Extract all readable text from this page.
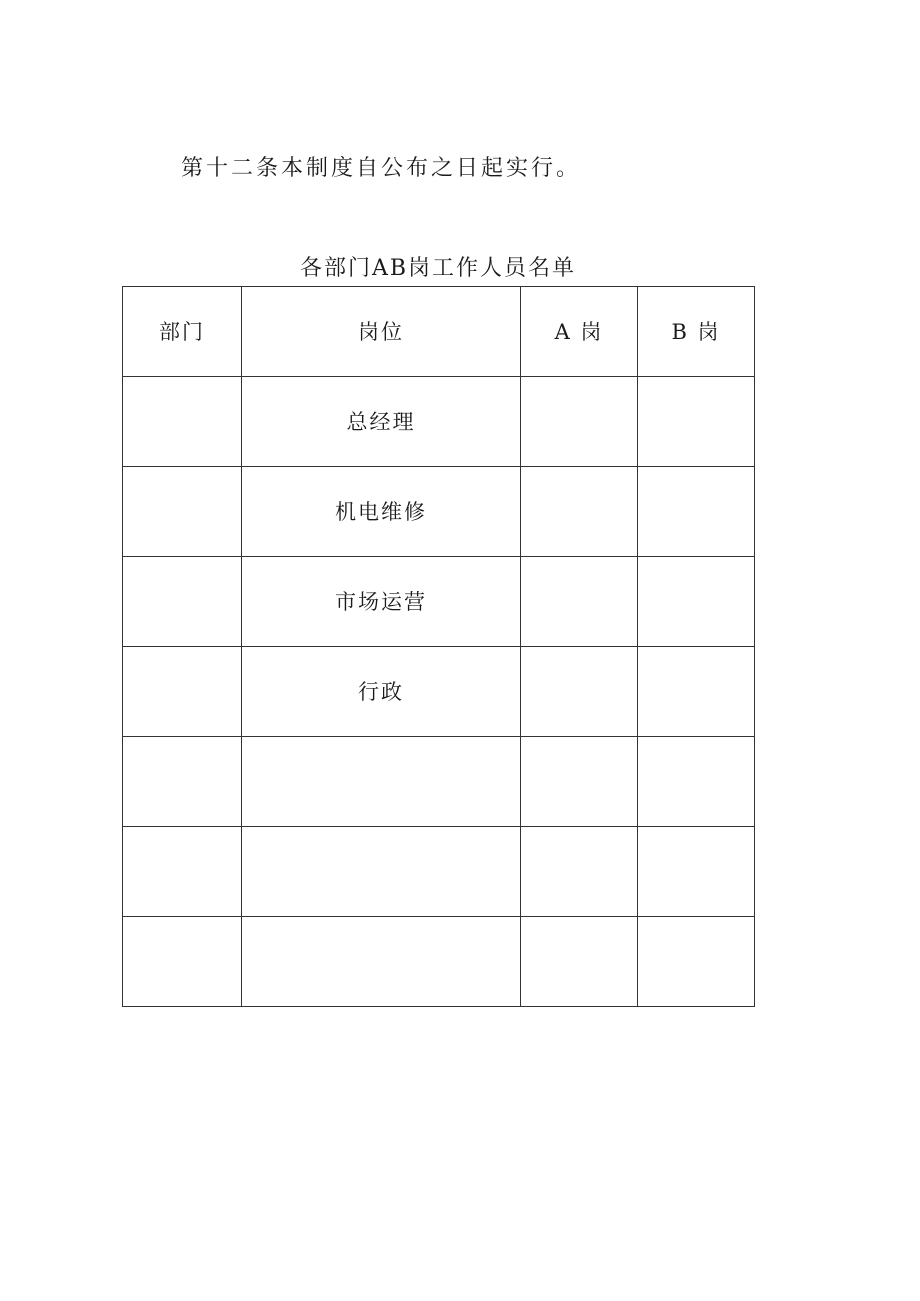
第十二条本制度自公布之日起实行。
各部门AB岗工作人员名单
部门	岗位	A 岗	B 岗
	总经理		
	机电维修		
	市场运营		
	行政		
